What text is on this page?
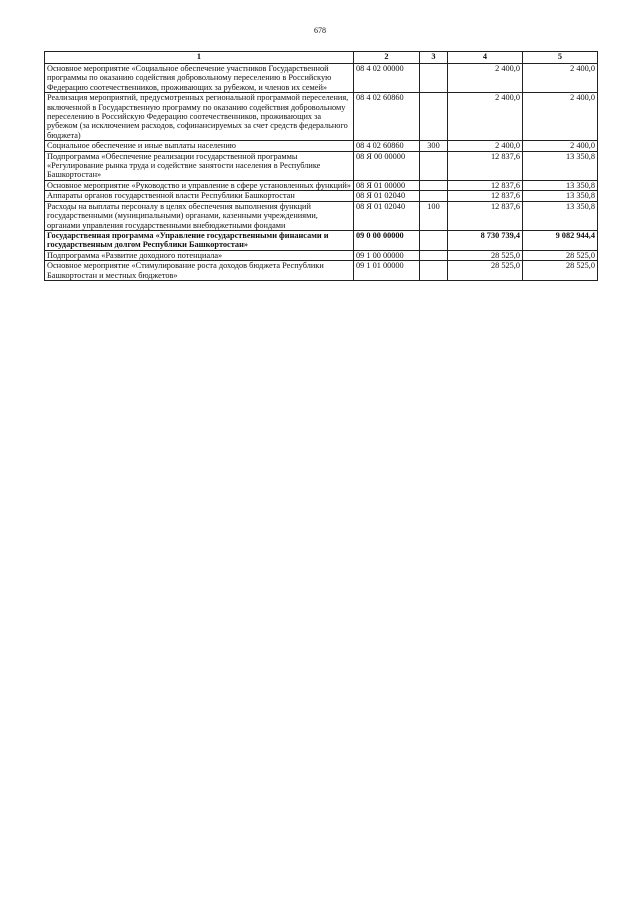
678
1	2	3	4	5
Основное мероприятие «Социальное обеспечение участников Государственной программы по оказанию содействия добровольному переселению в Российскую Федерацию соотечественников, проживающих за рубежом, и членов их семей»	08 4 02 00000		2 400,0	2 400,0
Реализация мероприятий, предусмотренных региональной программой переселения, включенной в Государственную программу по оказанию содействия добровольному переселению в Российскую Федерацию соотечественников, проживающих за рубежом (за исключением расходов, софинансируемых за счет средств федерального бюджета)	08 4 02 60860		2 400,0	2 400,0
Социальное обеспечение и иные выплаты населению	08 4 02 60860	300	2 400,0	2 400,0
Подпрограмма «Обеспечение реализации государственной программы «Регулирование рынка труда и содействие занятости населения в Республике Башкортостан»	08 Я 00 00000		12 837,6	13 350,8
Основное мероприятие «Руководство и управление в сфере установленных функций»	08 Я 01 00000		12 837,6	13 350,8
Аппараты органов государственной власти Республики Башкортостан	08 Я 01 02040		12 837,6	13 350,8
Расходы на выплаты персоналу в целях обеспечения выполнения функций государственными (муниципальными) органами, казенными учреждениями, органами управления государственными внебюджетными фондами	08 Я 01 02040	100	12 837,6	13 350,8
Государственная программа «Управление государственными финансами и государственным долгом Республики Башкортостан»	09 0 00 00000		8 730 739,4	9 082 944,4
Подпрограмма «Развитие доходного потенциала»	09 1 00 00000		28 525,0	28 525,0
Основное мероприятие «Стимулирование роста доходов бюджета Республики Башкортостан и местных бюджетов»	09 1 01 00000		28 525,0	28 525,0
